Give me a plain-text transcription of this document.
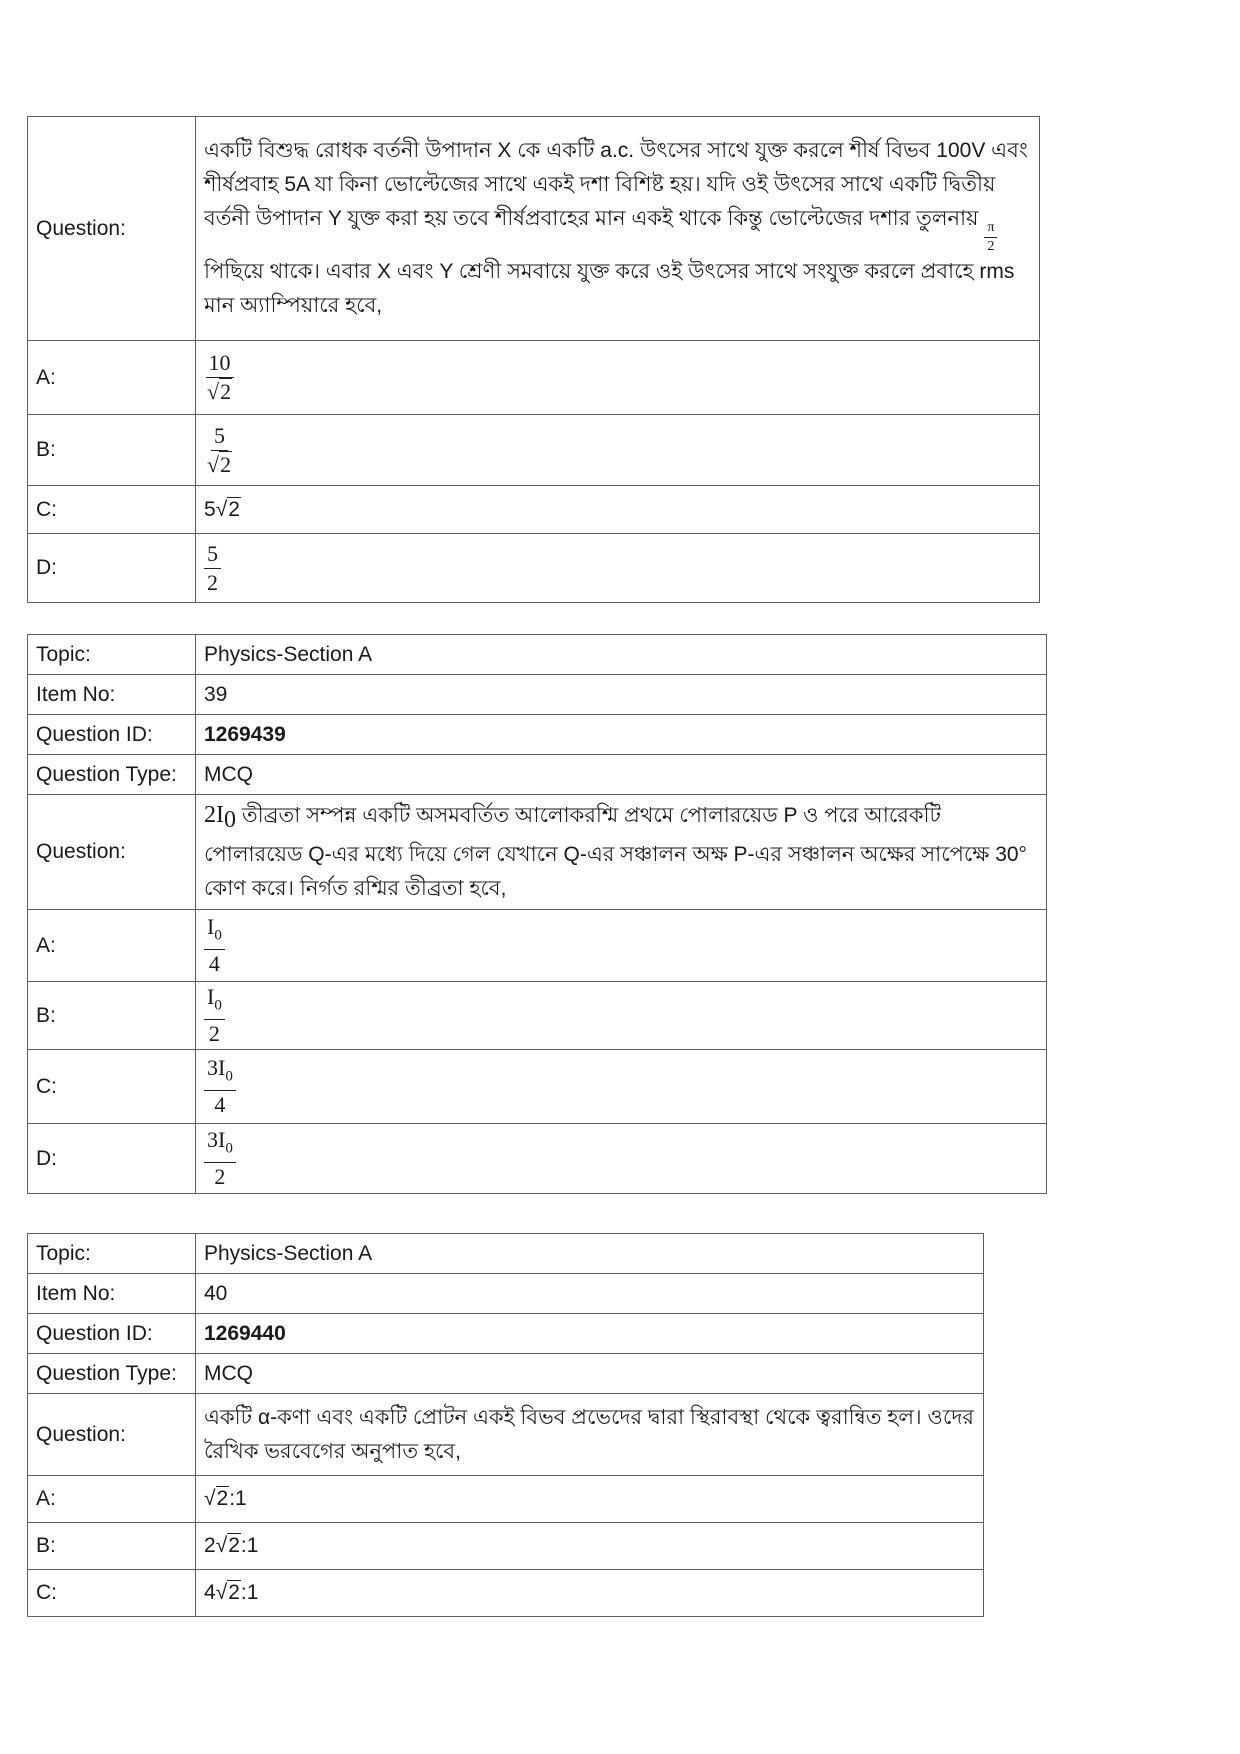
Question:	একটি বিশুদ্ধ রোধক বর্তনী উপাদান X কে একটি a.c. উৎসের সাথে যুক্ত করলে শীর্ষ বিভব 100V এবং শীর্ষপ্রবাহ 5A যা কিনা ভোল্টেজের সাথে একই দশা বিশিষ্ট হয়। যদি ওই উৎসের সাথে একটি দ্বিতীয় বর্তনী উপাদান Y যুক্ত করা হয় তবে শীর্ষপ্রবাহের মান একই থাকে কিন্তু ভোল্টেজের দশার তুলনায়
$\frac{\pi}{2}$
পিছিয়ে থাকে। এবার X এবং Y শ্রেণী সমবায়ে যুক্ত করে ওই উৎসের সাথে সংযুক্ত করলে প্রবাহে rms মান অ্যাম্পিয়ারে হবে,
A:	$\frac{10}{√2}$

B:	$\frac{5}{√2}$

C:	5√2
D:	$\frac{5}{2}$
Topic:	Physics-Section A
Item No:	39
Question ID:	1269439
Question Type:	MCQ
Question:	$2I_0$ তীব্রতা সম্পন্ন একটি অসমবর্তিত আলোকরশ্মি প্রথমে পোলারয়েড P ও পরে আরেকটি পোলারয়েড Q-এর মধ্যে দিয়ে গেল যেখানে Q-এর সঞ্চালন অক্ষ P-এর সঞ্চালন অক্ষের সাপেক্ষে 30° কোণ করে। নির্গত রশ্মির তীব্রতা হবে,
A:	$\frac{I_0}{4}$

B:	$\frac{I_0}{2}$

C:	$\frac{3I_0}{4}$

D:	$\frac{3I_0}{2}$
Topic:	Physics-Section A
Item No:	40
Question ID:	1269440
Question Type:	MCQ
Question:	একটি α-কণা এবং একটি প্রোটন একই বিভব প্রভেদের দ্বারা স্থিরাবস্থা থেকে ত্বরান্বিত হল। ওদের রৈখিক ভরবেগের অনুপাত হবে,
A:	√2:1
B:	2√2:1
C:	4√2:1
